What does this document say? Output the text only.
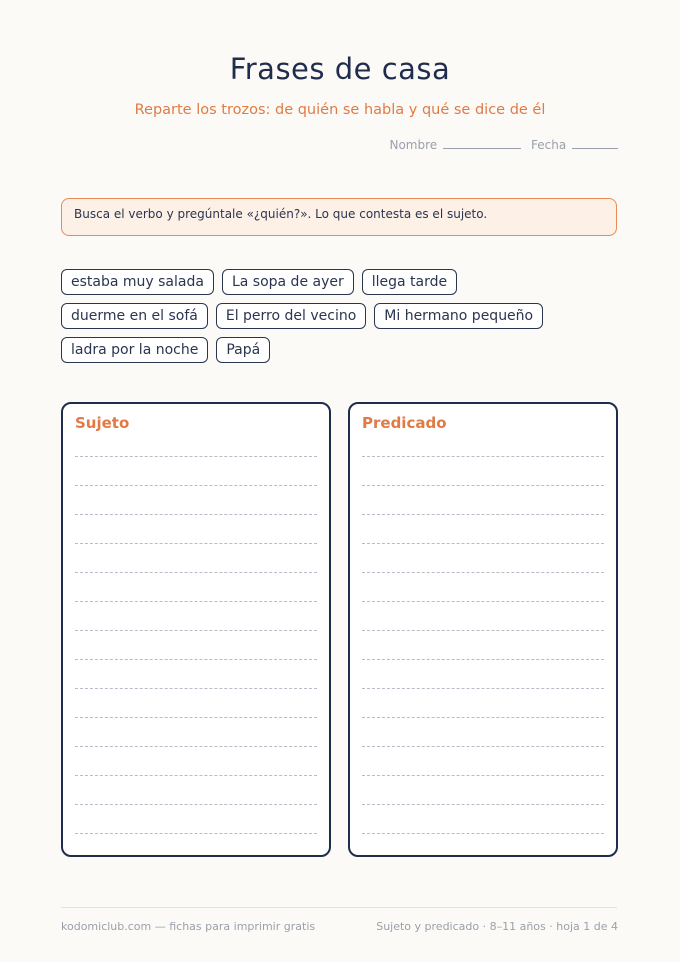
Frases de casa

Reparte los trozos: de quién se habla y qué se dice de él

Nombre	Fecha
Busca el verbo y pregúntale «¿quién?». Lo que contesta es el sujeto.
estaba muy salada	La sopa de ayer	llega tarde
duerme en el sofá	El perro del vecino	Mi hermano pequeño
ladra por la noche	Papá
Sujeto	Predicado
kodomiclub.com — fichas para imprimir gratis	Sujeto y predicado · 8–11 años · hoja 1 de 4
